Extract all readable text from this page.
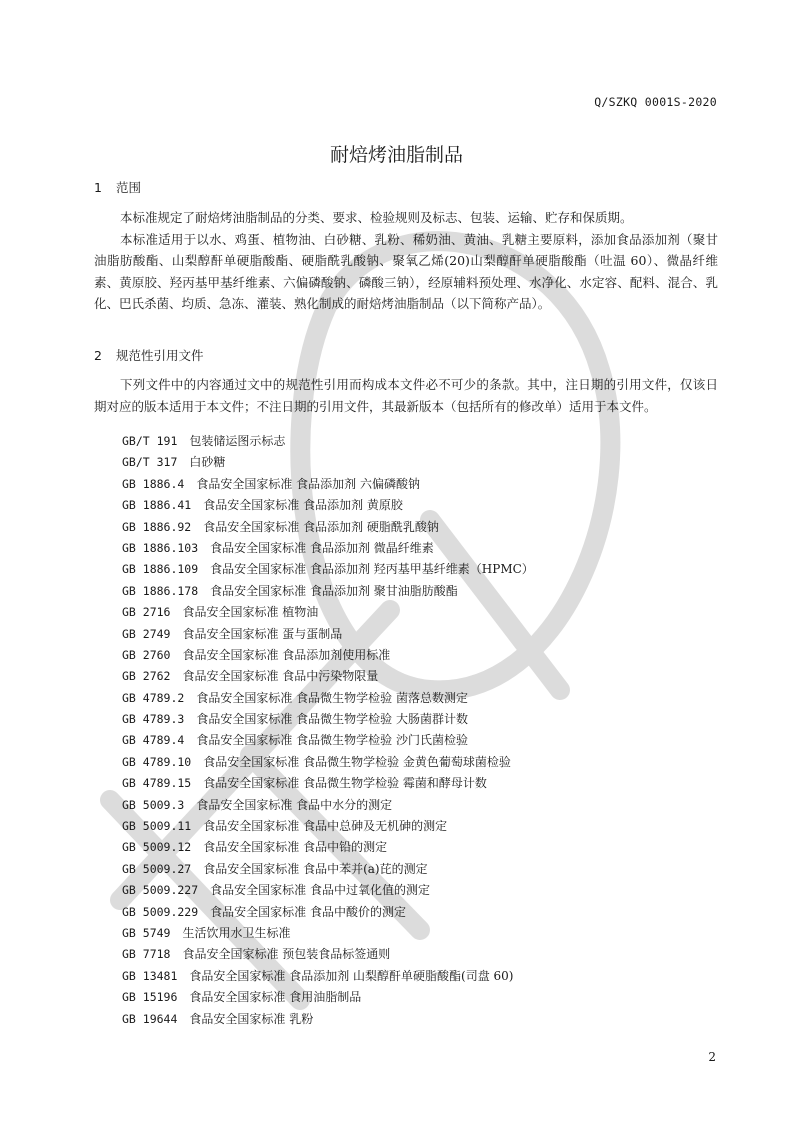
Q/SZKQ 0001S-2020
耐焙烤油脂制品
1 范围
本标准规定了耐焙烤油脂制品的分类、要求、检验规则及标志、包装、运输、贮存和保质期。
本标准适用于以水、鸡蛋、植物油、白砂糖、乳粉、稀奶油、黄油、乳糖主要原料，添加食品添加剂（聚甘油脂肪酸酯、山梨醇酐单硬脂酸酯、硬脂酰乳酸钠、聚氧乙烯(20)山梨醇酐单硬脂酸酯（吐温 60）、微晶纤维素、黄原胶、羟丙基甲基纤维素、六偏磷酸钠、磷酸三钠），经原辅料预处理、水净化、水定容、配料、混合、乳化、巴氏杀菌、均质、急冻、灌装、熟化制成的耐焙烤油脂制品（以下简称产品）。
2 规范性引用文件
下列文件中的内容通过文中的规范性引用而构成本文件必不可少的条款。其中，注日期的引用文件，仅该日期对应的版本适用于本文件；不注日期的引用文件，其最新版本（包括所有的修改单）适用于本文件。
GB/T 191 包装储运图示标志
GB/T 317 白砂糖
GB 1886.4 食品安全国家标准 食品添加剂 六偏磷酸钠
GB 1886.41 食品安全国家标准 食品添加剂 黄原胶
GB 1886.92 食品安全国家标准 食品添加剂 硬脂酰乳酸钠
GB 1886.103 食品安全国家标准 食品添加剂 微晶纤维素
GB 1886.109 食品安全国家标准 食品添加剂 羟丙基甲基纤维素（HPMC）
GB 1886.178 食品安全国家标准 食品添加剂 聚甘油脂肪酸酯
GB 2716 食品安全国家标准 植物油
GB 2749 食品安全国家标准 蛋与蛋制品
GB 2760 食品安全国家标准 食品添加剂使用标准
GB 2762 食品安全国家标准 食品中污染物限量
GB 4789.2 食品安全国家标准 食品微生物学检验 菌落总数测定
GB 4789.3 食品安全国家标准 食品微生物学检验 大肠菌群计数
GB 4789.4 食品安全国家标准 食品微生物学检验 沙门氏菌检验
GB 4789.10 食品安全国家标准 食品微生物学检验 金黄色葡萄球菌检验
GB 4789.15 食品安全国家标准 食品微生物学检验 霉菌和酵母计数
GB 5009.3 食品安全国家标准 食品中水分的测定
GB 5009.11 食品安全国家标准 食品中总砷及无机砷的测定
GB 5009.12 食品安全国家标准 食品中铅的测定
GB 5009.27 食品安全国家标准 食品中苯并(a)芘的测定
GB 5009.227 食品安全国家标准 食品中过氧化值的测定
GB 5009.229 食品安全国家标准 食品中酸价的测定
GB 5749 生活饮用水卫生标准
GB 7718 食品安全国家标准 预包装食品标签通则
GB 13481 食品安全国家标准 食品添加剂 山梨醇酐单硬脂酸酯(司盘 60)
GB 15196 食品安全国家标准 食用油脂制品
GB 19644 食品安全国家标准 乳粉
2
